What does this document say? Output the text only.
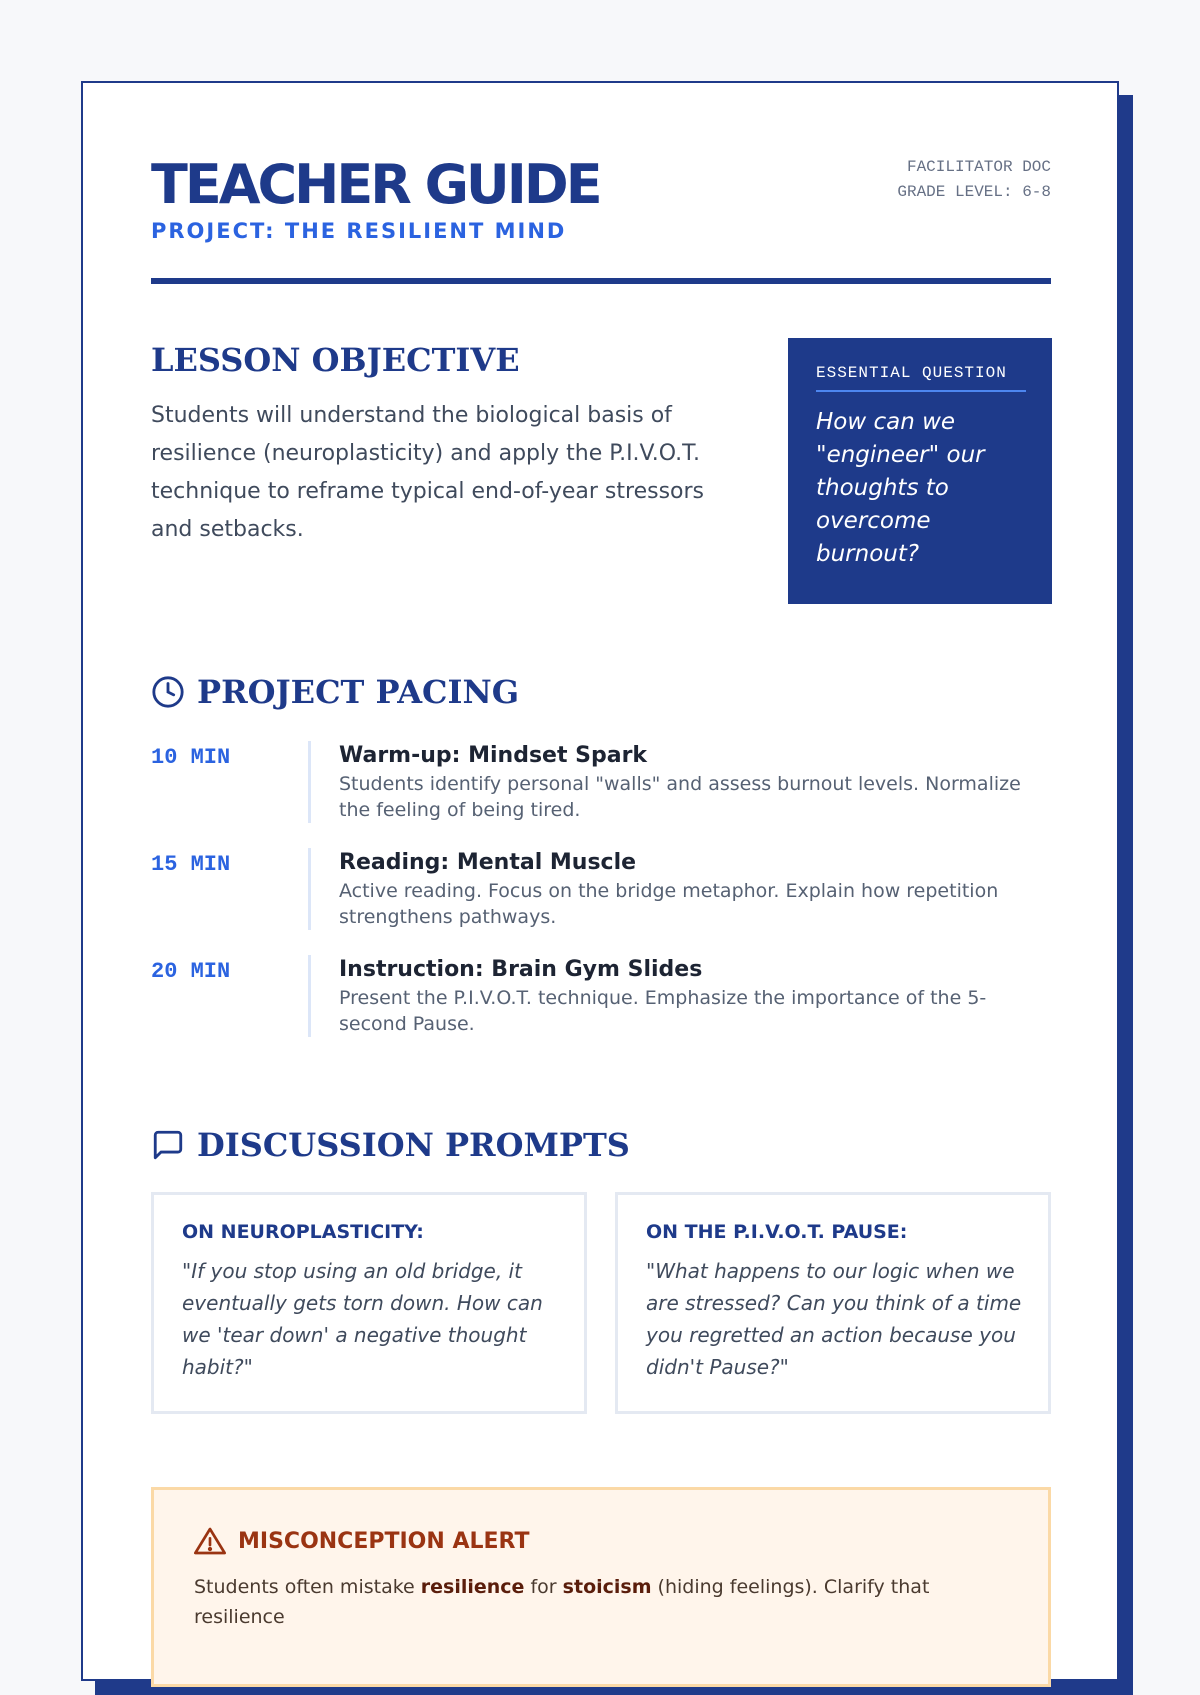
TEACHER GUIDE
PROJECT: THE RESILIENT MIND
FACILITATOR DOC
GRADE LEVEL: 6-8
LESSON OBJECTIVE
Students will understand the biological basis of resilience (neuroplasticity) and apply the P.I.V.O.T. technique to reframe typical end-of-year stressors and setbacks.
ESSENTIAL QUESTION
How can we "engineer" our thoughts to overcome burnout?
PROJECT PACING
10 MIN	Warm-up: Mindset Spark
Students identify personal "walls" and assess burnout levels. Normalize the feeling of being tired.
15 MIN	Reading: Mental Muscle
Active reading. Focus on the bridge metaphor. Explain how repetition strengthens pathways.
20 MIN	Instruction: Brain Gym Slides
Present the P.I.V.O.T. technique. Emphasize the importance of the 5-second Pause.
DISCUSSION PROMPTS
ON NEUROPLASTICITY:
"If you stop using an old bridge, it eventually gets torn down. How can we 'tear down' a negative thought habit?"
ON THE P.I.V.O.T. PAUSE:
"What happens to our logic when we are stressed? Can you think of a time you regretted an action because you didn't Pause?"
MISCONCEPTION ALERT
Students often mistake resilience for stoicism (hiding feelings). Clarify that resilience
